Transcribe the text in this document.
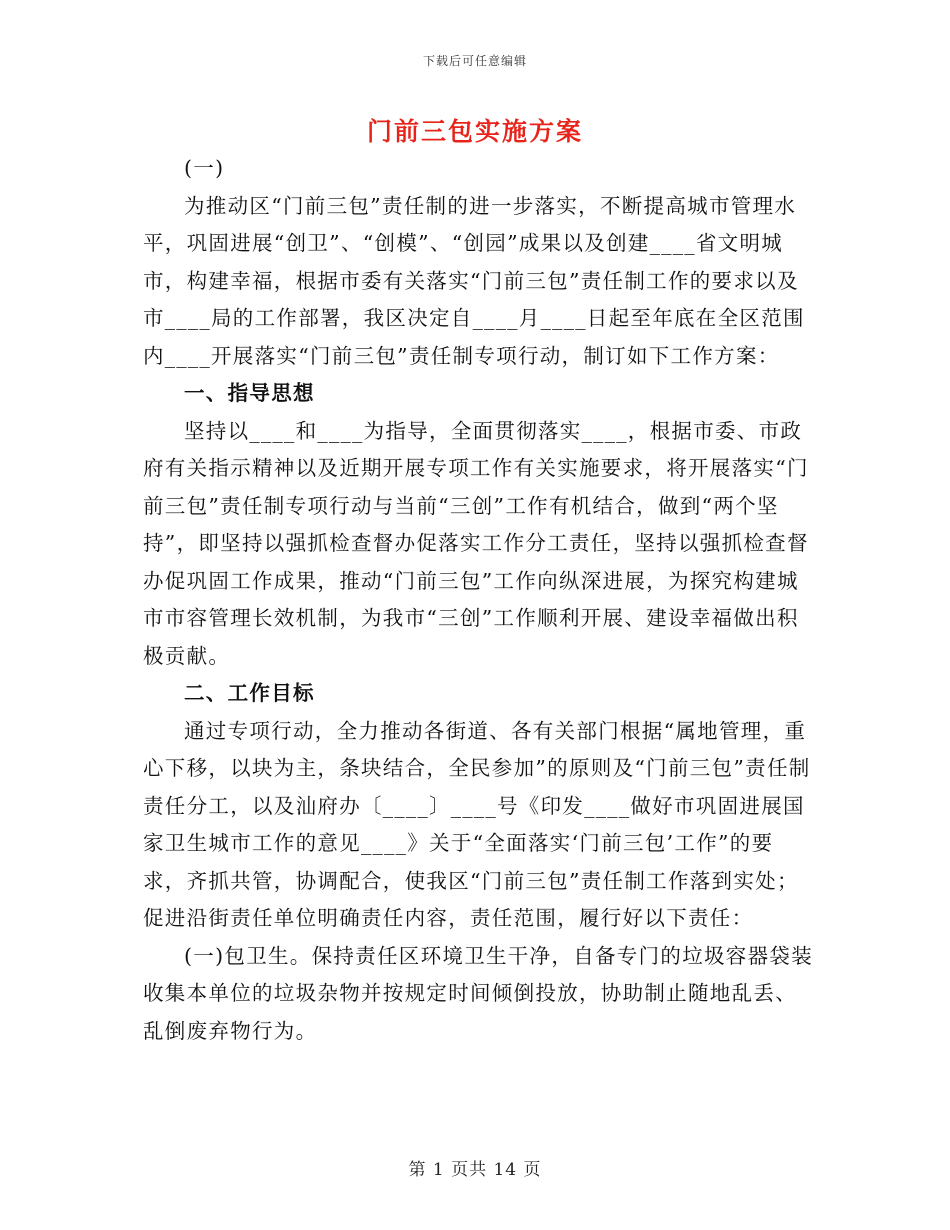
下载后可任意编辑
门前三包实施方案

(一)

为推动区“门前三包”责任制的进一步落实，不断提高城市管理水平，巩固进展“创卫”、“创模”、“创园”成果以及创建____省文明城市，构建幸福，根据市委有关落实“门前三包”责任制工作的要求以及市____局的工作部署，我区决定自____月____日起至年底在全区范围内____开展落实“门前三包”责任制专项行动，制订如下工作方案：

一、指导思想

坚持以____和____为指导，全面贯彻落实____，根据市委、市政府有关指示精神以及近期开展专项工作有关实施要求，将开展落实“门前三包”责任制专项行动与当前“三创”工作有机结合，做到“两个坚持”，即坚持以强抓检查督办促落实工作分工责任，坚持以强抓检查督办促巩固工作成果，推动“门前三包”工作向纵深进展，为探究构建城市市容管理长效机制，为我市“三创”工作顺利开展、建设幸福做出积极贡献。

二、工作目标

通过专项行动，全力推动各街道、各有关部门根据“属地管理，重心下移，以块为主，条块结合，全民参加”的原则及“门前三包”责任制责任分工，以及汕府办〔____〕____号《印发____做好市巩固进展国家卫生城市工作的意见____》关于“全面落实‘门前三包’工作”的要求，齐抓共管，协调配合，使我区“门前三包”责任制工作落到实处；促进沿街责任单位明确责任内容，责任范围，履行好以下责任：

(一)包卫生。保持责任区环境卫生干净，自备专门的垃圾容器袋装收集本单位的垃圾杂物并按规定时间倾倒投放，协助制止随地乱丢、乱倒废弃物行为。

第 1 页共 14 页
